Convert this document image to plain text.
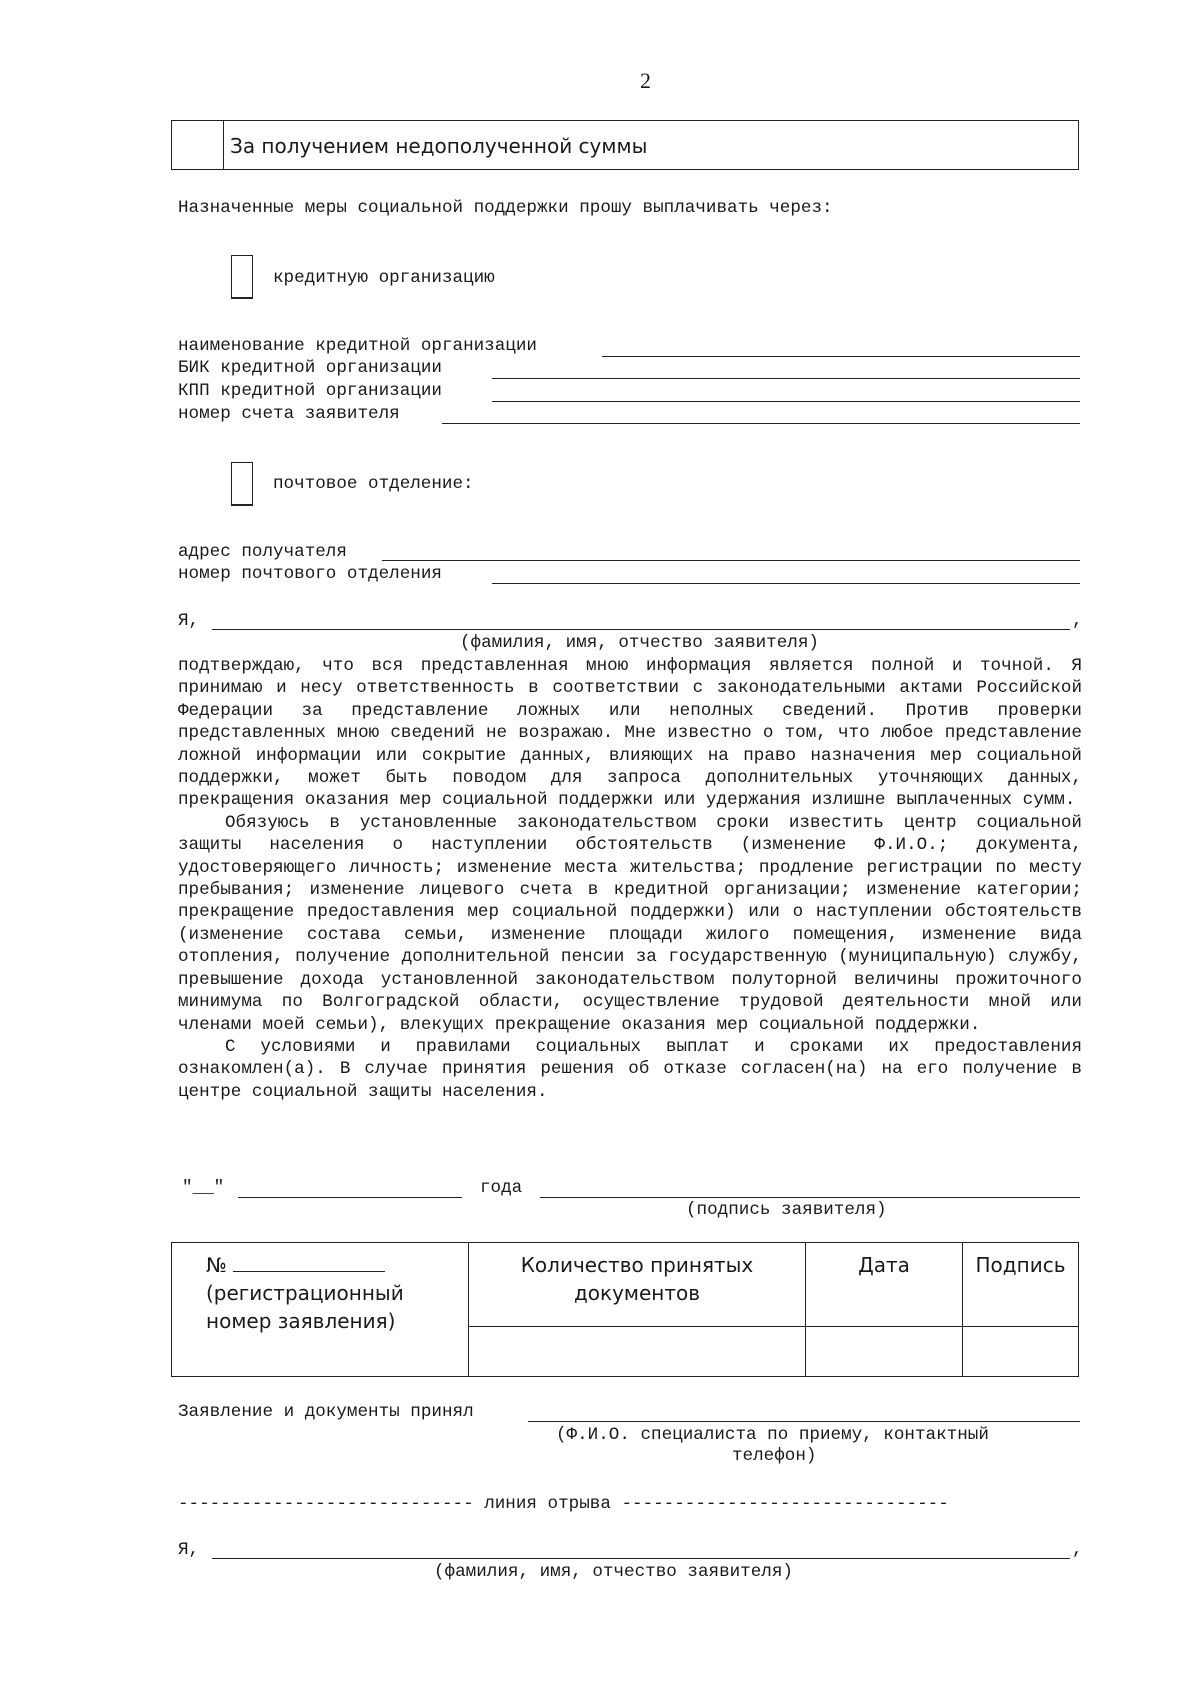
2
За получением недополученной суммы
Назначенные меры социальной поддержки прошу выплачивать через:
кредитную организацию
наименование кредитной организации
БИК кредитной организации
КПП кредитной организации
номер счета заявителя
почтовое отделение:
адрес получателя
номер почтового отделения
Я,	,
(фамилия, имя, отчество заявителя)

подтверждаю, что вся представленная мною информация является полной и точной. Я принимаю и несу ответственность в соответствии с законодательными актами Российской Федерации за представление ложных или неполных сведений. Против проверки представленных мною сведений не возражаю. Мне известно о том, что любое представление ложной информации или сокрытие данных, влияющих на право назначения мер социальной поддержки, может быть поводом для запроса дополнительных уточняющих данных, прекращения оказания мер социальной поддержки или удержания излишне выплаченных сумм.

Обязуюсь в установленные законодательством сроки известить центр социальной защиты населения о наступлении обстоятельств (изменение Ф.И.О.; документа, удостоверяющего личность; изменение места жительства; продление регистрации по месту пребывания; изменение лицевого счета в кредитной организации; изменение категории; прекращение предоставления мер социальной поддержки) или о наступлении обстоятельств (изменение состава семьи, изменение площади жилого помещения, изменение вида отопления, получение дополнительной пенсии за государственную (муниципальную) службу, превышение дохода установленной законодательством полуторной величины прожиточного минимума по Волгоградской области, осуществление трудовой деятельности мной или членами моей семьи), влекущих прекращение оказания мер социальной поддержки.

С условиями и правилами социальных выплат и сроками их предоставления ознакомлен(а). В случае принятия решения об отказе согласен(на) на его получение в центре социальной защиты населения.

"__"	года
(подпись заявителя)
№
(регистрационный номер заявления)	Количество принятых документов	Дата	Подпись

Заявление и документы принял
(Ф.И.О. специалиста по приему, контактный
телефон)
---------------------------- линия отрыва -------------------------------
Я,	,
(фамилия, имя, отчество заявителя)
